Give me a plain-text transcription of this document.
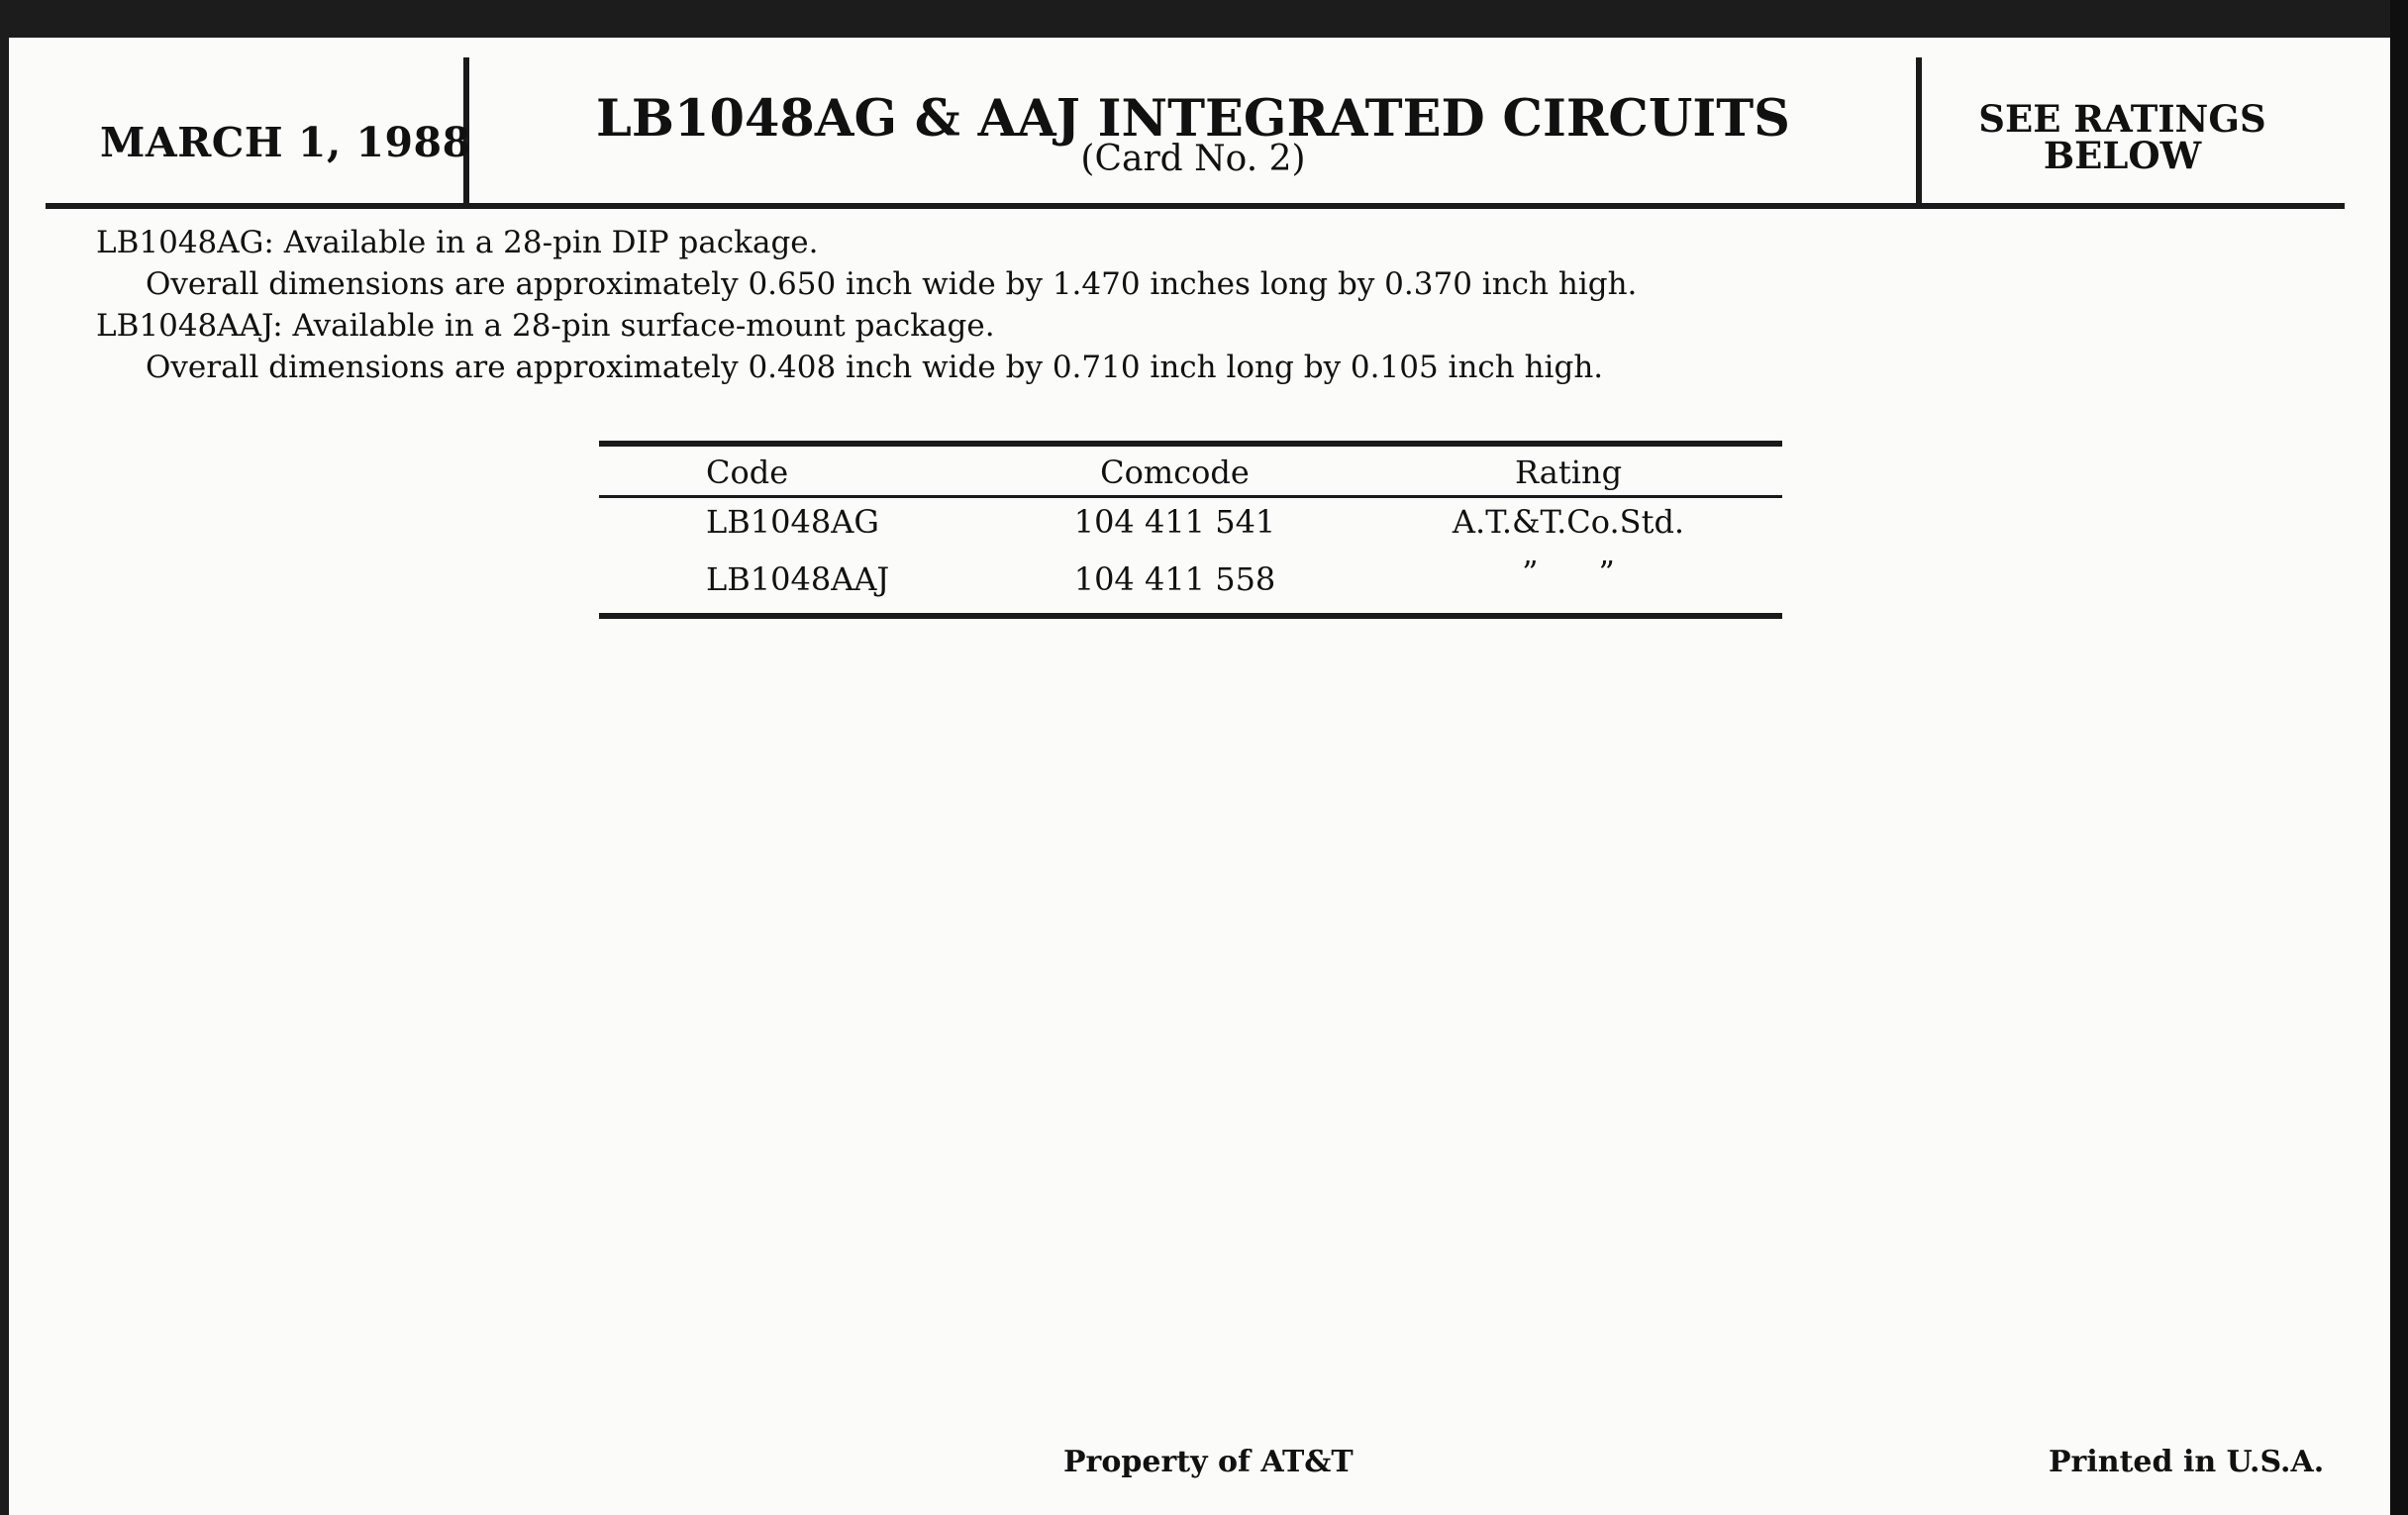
MARCH 1, 1988	LB1048AG & AAJ INTEGRATED CIRCUITS
(Card No. 2)
SEE RATINGS
BELOW
LB1048AG: Available in a 28-pin DIP package.
Overall dimensions are approximately 0.650 inch wide by 1.470 inches long by 0.370 inch high.
LB1048AAJ: Available in a 28-pin surface-mount package.
Overall dimensions are approximately 0.408 inch wide by 0.710 inch long by 0.105 inch high.
Code	Comcode	Rating
LB1048AG	104 411 541	A.T.&T.Co.Std.
LB1048AAJ	104 411 558	”      ”
Property of AT&T	Printed in U.S.A.
